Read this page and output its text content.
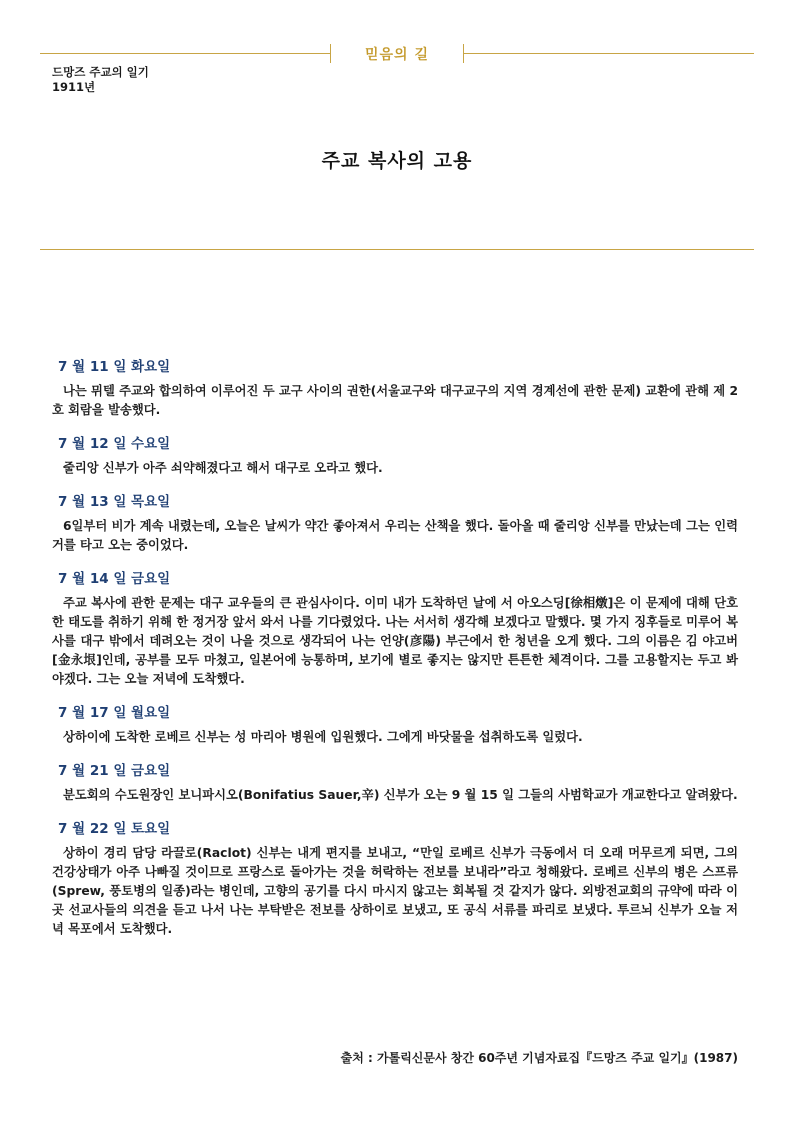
믿음의 길
드망즈 주교의 일기
1911년
주교 복사의 고용
7 월 11 일 화요일

나는 뮈텔 주교와 합의하여 이루어진 두 교구 사이의 권한(서울교구와 대구교구의 지역 경계선에 관한 문제) 교환에 관해 제 2 호 회람을 발송했다.

7 월 12 일 수요일

줄리앙 신부가 아주 쇠약해졌다고 해서 대구로 오라고 했다.

7 월 13 일 목요일

6일부터 비가 계속 내렸는데, 오늘은 날씨가 약간 좋아져서 우리는 산책을 했다. 돌아올 때 줄리앙 신부를 만났는데 그는 인력거를 타고 오는 중이었다.

7 월 14 일 금요일

주교 복사에 관한 문제는 대구 교우들의 큰 관심사이다. 이미 내가 도착하던 날에 서 아오스딩[徐相燉]은 이 문제에 대해 단호한 태도를 취하기 위해 한 정거장 앞서 와서 나를 기다렸었다. 나는 서서히 생각해 보겠다고 말했다. 몇 가지 징후들로 미루어 복사를 대구 밖에서 데려오는 것이 나을 것으로 생각되어 나는 언양(彦陽) 부근에서 한 청년을 오게 했다. 그의 이름은 김 야고버[金永垠]인데, 공부를 모두 마쳤고, 일본어에 능통하며, 보기에 별로 좋지는 않지만 튼튼한 체격이다. 그를 고용할지는 두고 봐야겠다. 그는 오늘 저녁에 도착했다.

7 월 17 일 월요일

상하이에 도착한 로베르 신부는 성 마리아 병원에 입원했다. 그에게 바닷물을 섭취하도록 일렀다.

7 월 21 일 금요일

분도회의 수도원장인 보니파시오(Bonifatius Sauer,辛) 신부가 오는 9 월 15 일 그들의 사범학교가 개교한다고 알려왔다.

7 월 22 일 토요일

상하이 경리 담당 라끌로(Raclot) 신부는 내게 편지를 보내고, “만일 로베르 신부가 극동에서 더 오래 머무르게 되면, 그의 건강상태가 아주 나빠질 것이므로 프랑스로 돌아가는 것을 허락하는 전보를 보내라”라고 청해왔다. 로베르 신부의 병은 스프류(Sprew, 풍토병의 일종)라는 병인데, 고향의 공기를 다시 마시지 않고는 회복될 것 같지가 않다. 외방전교회의 규약에 따라 이곳 선교사들의 의견을 듣고 나서 나는 부탁받은 전보를 상하이로 보냈고, 또 공식 서류를 파리로 보냈다. 투르뇌 신부가 오늘 저녁 목포에서 도착했다.

출처 : 가톨릭신문사 창간 60주년 기념자료집『드망즈 주교 일기』(1987)
